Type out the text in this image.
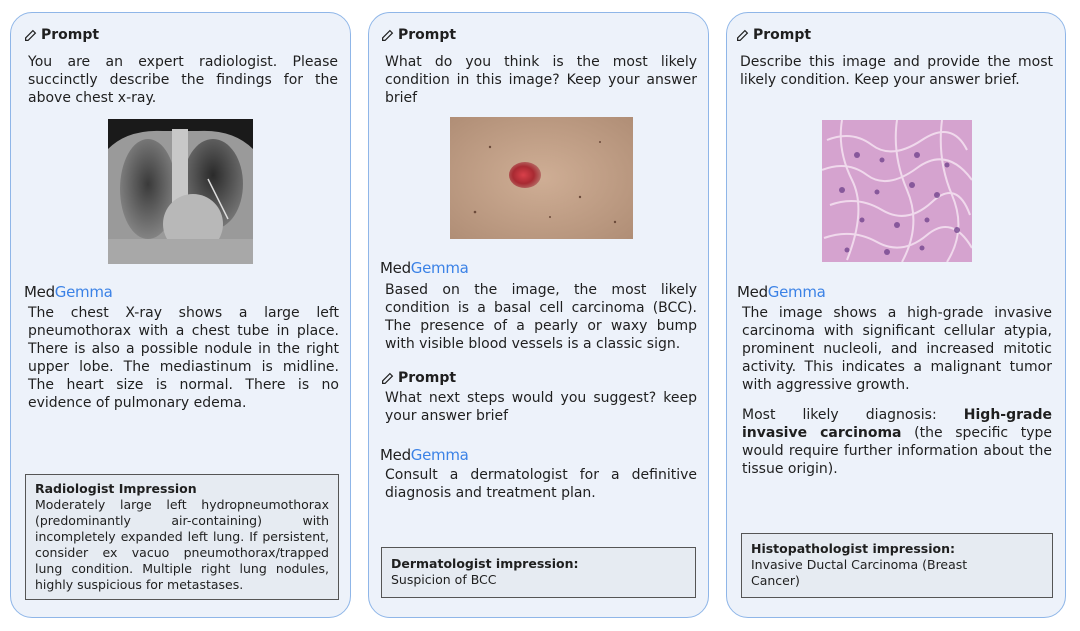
Prompt
You are an expert radiologist. Please succinctly describe the findings for the above chest x-ray.
MedGemma
The chest X-ray shows a large left pneumothorax with a chest tube in place. There is also a possible nodule in the right upper lobe. The mediastinum is midline. The heart size is normal. There is no evidence of pulmonary edema.
Radiologist Impression
Moderately large left hydropneumothorax (predominantly air-containing) with incompletely expanded left lung. If persistent, consider ex vacuo pneumothorax/trapped lung condition. Multiple right lung nodules, highly suspicious for metastases.
Prompt
What do you think is the most likely condition in this image? Keep your answer brief
MedGemma
Based on the image, the most likely condition is a basal cell carcinoma (BCC). The presence of a pearly or waxy bump with visible blood vessels is a classic sign.
Prompt
What next steps would you suggest? keep your answer brief
MedGemma
Consult a dermatologist for a definitive diagnosis and treatment plan.
Dermatologist impression:
Suspicion of BCC
Prompt
Describe this image and provide the most likely condition. Keep your answer brief.
MedGemma
The image shows a high-grade invasive carcinoma with significant cellular atypia, prominent nucleoli, and increased mitotic activity. This indicates a malignant tumor with aggressive growth.
Most likely diagnosis: High-grade invasive carcinoma (the specific type would require further information about the tissue origin).
Histopathologist impression:
Invasive Ductal Carcinoma (Breast Cancer)
